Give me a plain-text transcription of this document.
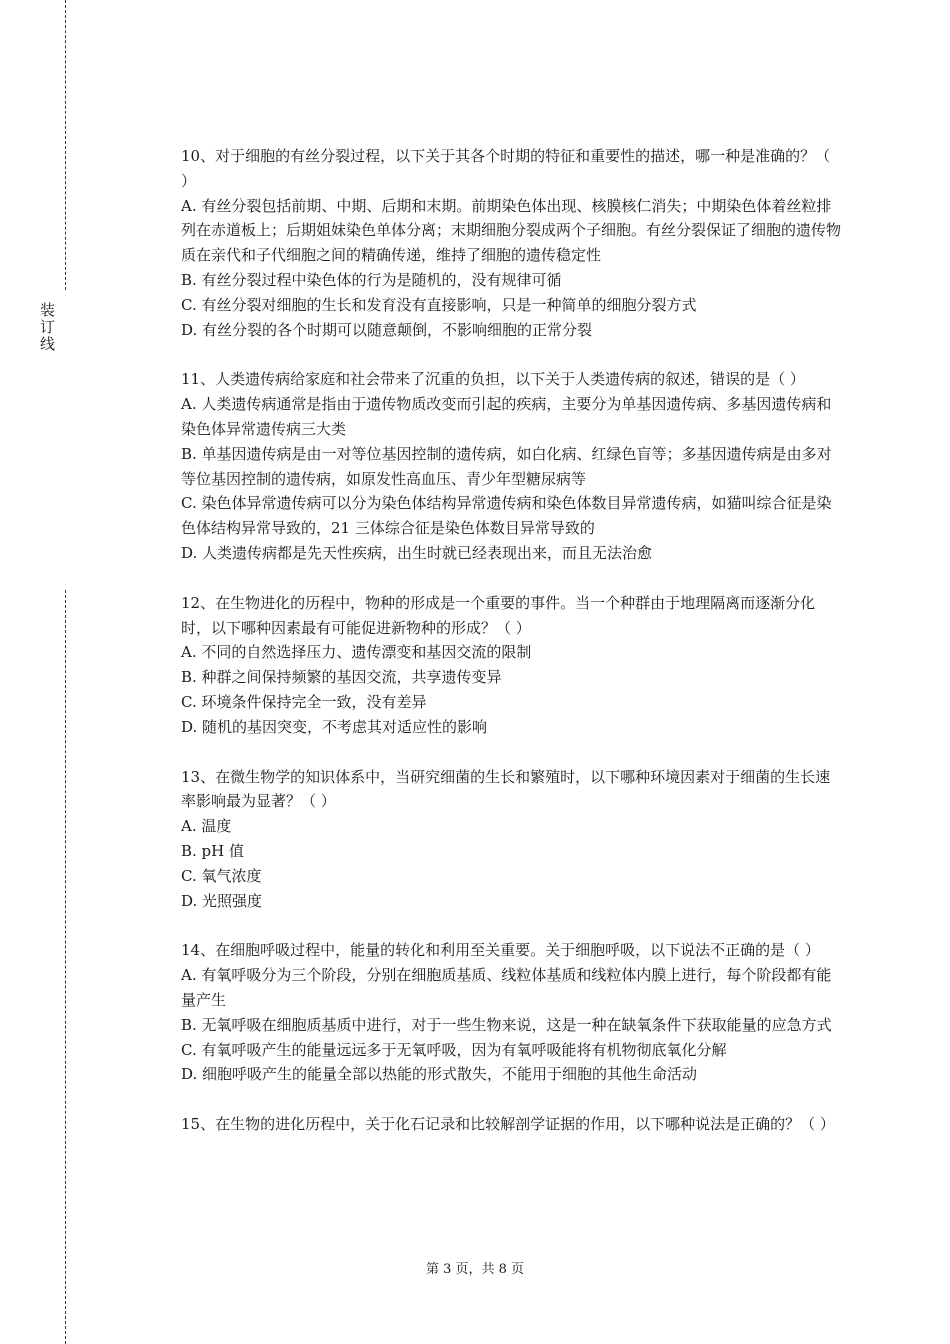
装订线

10、对于细胞的有丝分裂过程，以下关于其各个时期的特征和重要性的描述，哪一种是准确的？（ ）

A. 有丝分裂包括前期、中期、后期和末期。前期染色体出现、核膜核仁消失；中期染色体着丝粒排列在赤道板上；后期姐妹染色单体分离；末期细胞分裂成两个子细胞。有丝分裂保证了细胞的遗传物质在亲代和子代细胞之间的精确传递，维持了细胞的遗传稳定性

B. 有丝分裂过程中染色体的行为是随机的，没有规律可循

C. 有丝分裂对细胞的生长和发育没有直接影响，只是一种简单的细胞分裂方式

D. 有丝分裂的各个时期可以随意颠倒，不影响细胞的正常分裂

11、人类遗传病给家庭和社会带来了沉重的负担，以下关于人类遗传病的叙述，错误的是（ ）

A. 人类遗传病通常是指由于遗传物质改变而引起的疾病，主要分为单基因遗传病、多基因遗传病和染色体异常遗传病三大类

B. 单基因遗传病是由一对等位基因控制的遗传病，如白化病、红绿色盲等；多基因遗传病是由多对等位基因控制的遗传病，如原发性高血压、青少年型糖尿病等

C. 染色体异常遗传病可以分为染色体结构异常遗传病和染色体数目异常遗传病，如猫叫综合征是染色体结构异常导致的，21 三体综合征是染色体数目异常导致的

D. 人类遗传病都是先天性疾病，出生时就已经表现出来，而且无法治愈

12、在生物进化的历程中，物种的形成是一个重要的事件。当一个种群由于地理隔离而逐渐分化时，以下哪种因素最有可能促进新物种的形成？（ ）

A. 不同的自然选择压力、遗传漂变和基因交流的限制

B. 种群之间保持频繁的基因交流，共享遗传变异

C. 环境条件保持完全一致，没有差异

D. 随机的基因突变，不考虑其对适应性的影响

13、在微生物学的知识体系中，当研究细菌的生长和繁殖时，以下哪种环境因素对于细菌的生长速率影响最为显著？（ ）

A. 温度

B. pH 值

C. 氧气浓度

D. 光照强度

14、在细胞呼吸过程中，能量的转化和利用至关重要。关于细胞呼吸，以下说法不正确的是（ ）

A. 有氧呼吸分为三个阶段，分别在细胞质基质、线粒体基质和线粒体内膜上进行，每个阶段都有能量产生

B. 无氧呼吸在细胞质基质中进行，对于一些生物来说，这是一种在缺氧条件下获取能量的应急方式

C. 有氧呼吸产生的能量远远多于无氧呼吸，因为有氧呼吸能将有机物彻底氧化分解

D. 细胞呼吸产生的能量全部以热能的形式散失，不能用于细胞的其他生命活动

15、在生物的进化历程中，关于化石记录和比较解剖学证据的作用，以下哪种说法是正确的？（ ）

第 3 页，共 8 页
